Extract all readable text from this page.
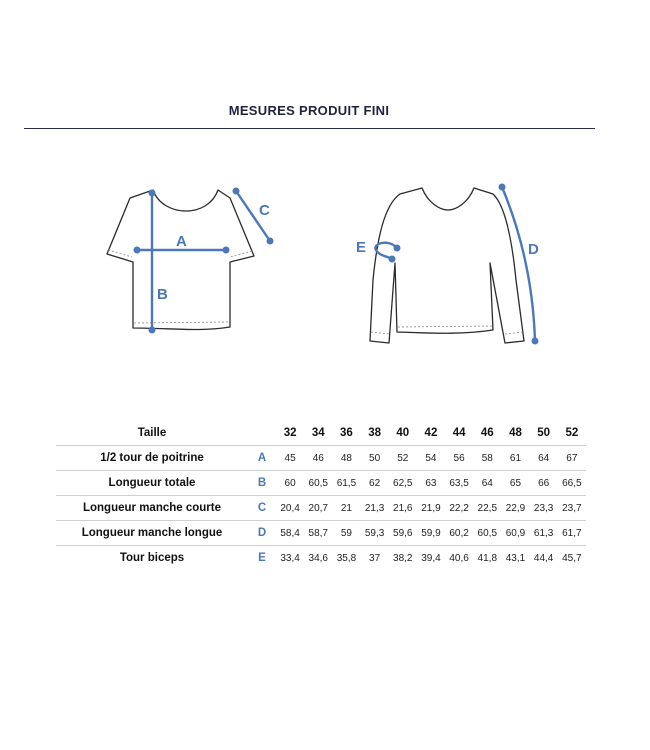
MESURES PRODUIT FINI
A
B
C
E	D
Taille		32	34	36	38	40	42	44	46	48	50	52
1/2 tour de poitrine	A	45	46	48	50	52	54	56	58	61	64	67
Longueur totale	B	60	60,5	61,5	62	62,5	63	63,5	64	65	66	66,5
Longueur manche courte	C	20,4	20,7	21	21,3	21,6	21,9	22,2	22,5	22,9	23,3	23,7
Longueur manche longue	D	58,4	58,7	59	59,3	59,6	59,9	60,2	60,5	60,9	61,3	61,7
Tour biceps	E	33,4	34,6	35,8	37	38,2	39,4	40,6	41,8	43,1	44,4	45,7
